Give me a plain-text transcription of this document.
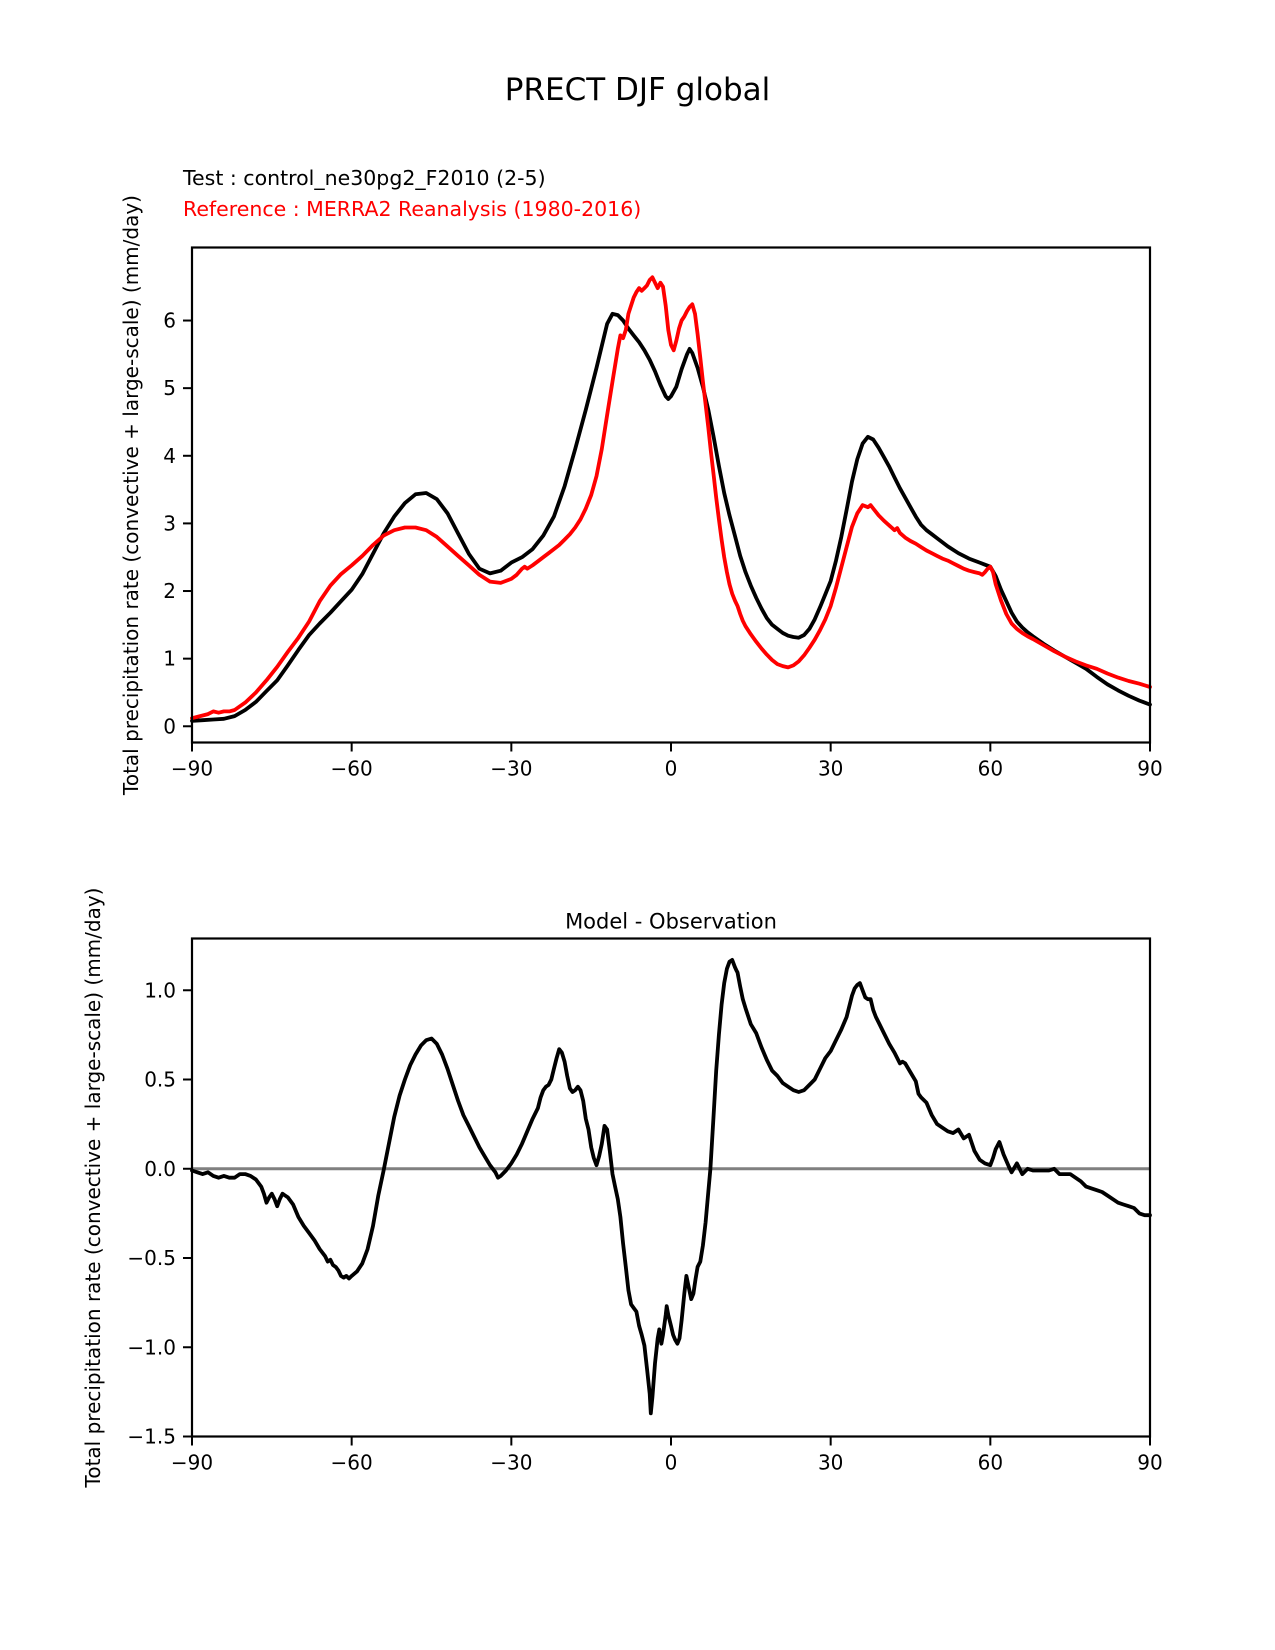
−90	−60	−30	0	30	60	90
0
1
2
3
4
5
6
Total precipitation rate (convective + large-scale) (mm/day)
−90	−60	−30	0	30	60	90
−1.5
−1.0
−0.5
0.0
0.5
1.0
Model - Observation
Total precipitation rate (convective + large-scale) (mm/day)
PRECT DJF global
Test : control_ne30pg2_F2010 (2-5)
Reference : MERRA2 Reanalysis (1980-2016)
